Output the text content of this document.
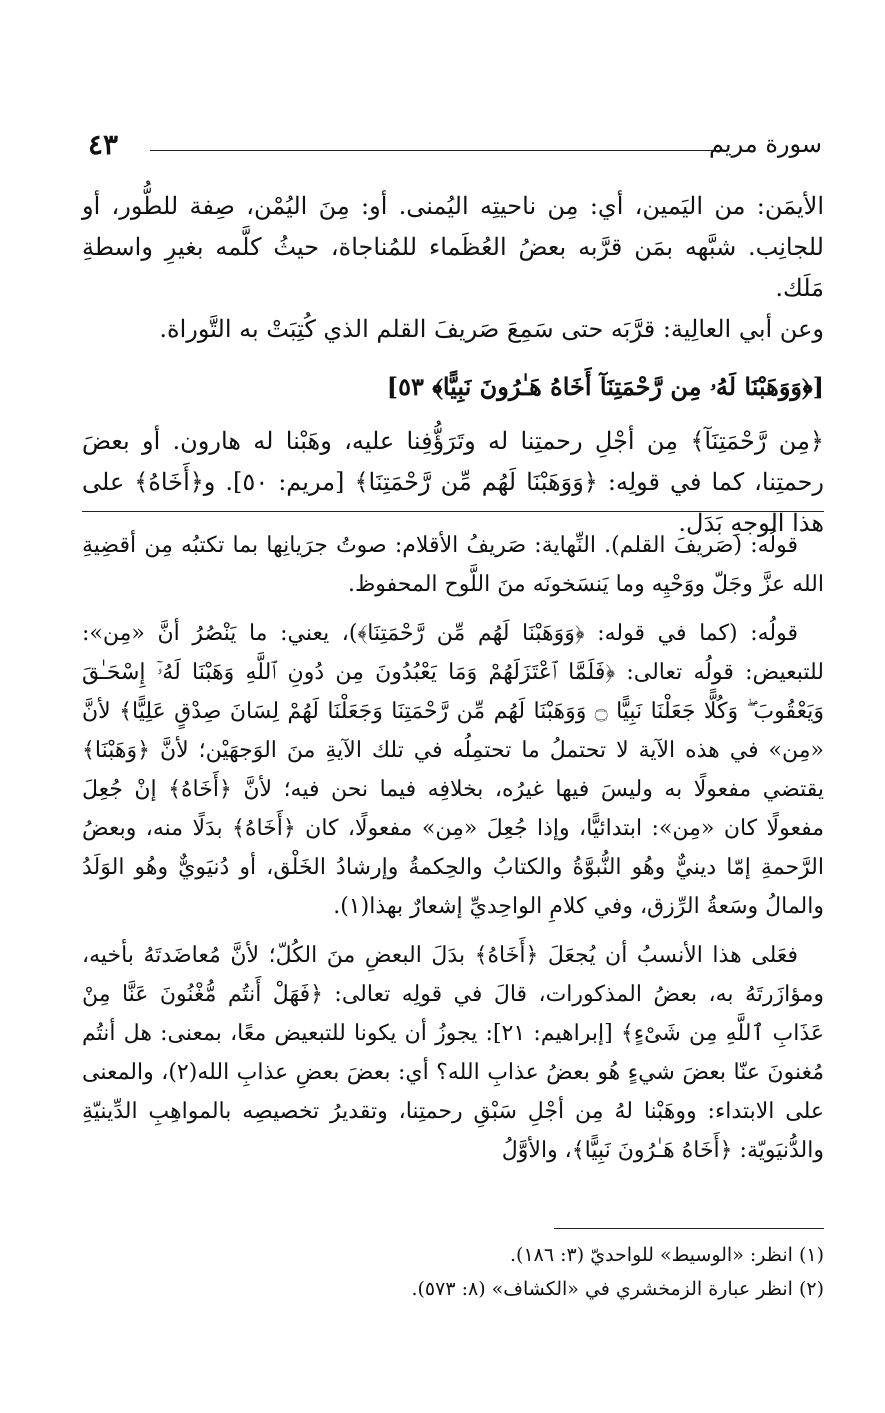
٤٣	سورة مريم

الأيمَن: من اليَمين، أي: مِن ناحيتِه اليُمنى. أو: مِنَ اليُمْن، صِفة للطُّور، أو للجانِب. شبَّهه بمَن قرَّبه بعضُ العُظَماء للمُناجاة، حيثُ كلَّمه بغيرِ واسطةِ مَلَك.

وعن أبي العالِية: قرَّبَه حتى سَمِعَ صَريفَ القلم الذي كُتِبَتْ به التَّوراة.

[﴿وَوَهَبْنَا لَهُۥ مِن رَّحْمَتِنَآ أَخَاهُ هَـٰرُونَ نَبِيًّا﴾ ٥٣]

﴿مِن رَّحْمَتِنَآ﴾ مِن أجْلِ رحمتِنا له وتَرَؤُّفِنا عليه، وهَبْنا له هارون. أو بعضَ رحمتِنا، كما في قولِه: ﴿وَوَهَبْنَا لَهُم مِّن رَّحْمَتِنَا﴾ [مريم: ٥٠]. و﴿أَخَاهُ﴾ على هذا الوجهِ بَدَل.

قولُه: (صَريفَ القلم). النِّهاية: صَريفُ الأقلام: صوتُ جرَيانِها بما تكتبُه مِن أقضِيةِ الله عزَّ وجَلّ ووَحْيِه وما يَنسَخونَه منَ اللَّوح المحفوظ.

قولُه: (كما في قوله: ﴿وَوَهَبْنَا لَهُم مِّن رَّحْمَتِنَا﴾)، يعني: ما يَنْصُرُ أنَّ «مِن»: للتبعيض: قولُه تعالى: ﴿فَلَمَّا ٱعْتَزَلَهُمْ وَمَا يَعْبُدُونَ مِن دُونِ ٱللَّهِ وَهَبْنَا لَهُۥٓ إِسْحَـٰقَ وَيَعْقُوبَ ۖ وَكُلًّا جَعَلْنَا نَبِيًّا ۝ وَوَهَبْنَا لَهُم مِّن رَّحْمَتِنَا وَجَعَلْنَا لَهُمْ لِسَانَ صِدْقٍ عَلِيًّا﴾ لأنَّ «مِن» في هذه الآية لا تحتملُ ما تحتمِلُه في تلك الآيةِ منَ الوَجهَيْن؛ لأنَّ ﴿وَهَبْنَا﴾ يقتضي مفعولًا به وليسَ فيها غيرُه، بخلافِه فيما نحن فيه؛ لأنَّ ﴿أَخَاهُ﴾ إنْ جُعِلَ مفعولًا كان «مِن»: ابتدائيًّا، وإذا جُعِلَ «مِن» مفعولًا، كان ﴿أَخَاهُ﴾ بدَلًا منه، وبعضُ الرَّحمةِ إمّا دينيٌّ وهُو النُّبوَّةُ والكتابُ والحِكمةُ وإرشادُ الخَلْق، أو دُنيَويٌّ وهُو الوَلَدُ والمالُ وسَعةُ الرِّزق، وفي كلامِ الواحِديِّ إشعارٌ بهذا(١).

فعَلى هذا الأنسبُ أن يُجعَلَ ﴿أَخَاهُ﴾ بدَلَ البعضِ منَ الكُلّ؛ لأنَّ مُعاضَدتَهُ بأخيه، ومؤازَرتَهُ به، بعضُ المذكورات، قالَ في قولِه تعالى: ﴿فَهَلْ أَنتُم مُّغْنُونَ عَنَّا مِنْ عَذَابِ ٱللَّهِ مِن شَىْءٍ﴾ [إبراهيم: ٢١]: يجوزُ أن يكونا للتبعيض معًا، بمعنى: هل أنتُم مُغنونَ عنّا بعضَ شيءٍ هُو بعضُ عذابِ الله؟ أي: بعضَ بعضِ عذابِ الله(٢)، والمعنى على الابتداء: ووهَبْنا لهُ مِن أجْلِ سَبْقِ رحمتِنا، وتقديرُ تخصيصِه بالمواهِبِ الدِّينيّةِ والدُّنيَويّة: ﴿أَخَاهُ هَـٰرُونَ نَبِيًّا﴾، والأوَّلُ

(١) انظر: «الوسيط» للواحديّ (٣: ١٨٦).

(٢) انظر عبارة الزمخشري في «الكشاف» (٨: ٥٧٣).
